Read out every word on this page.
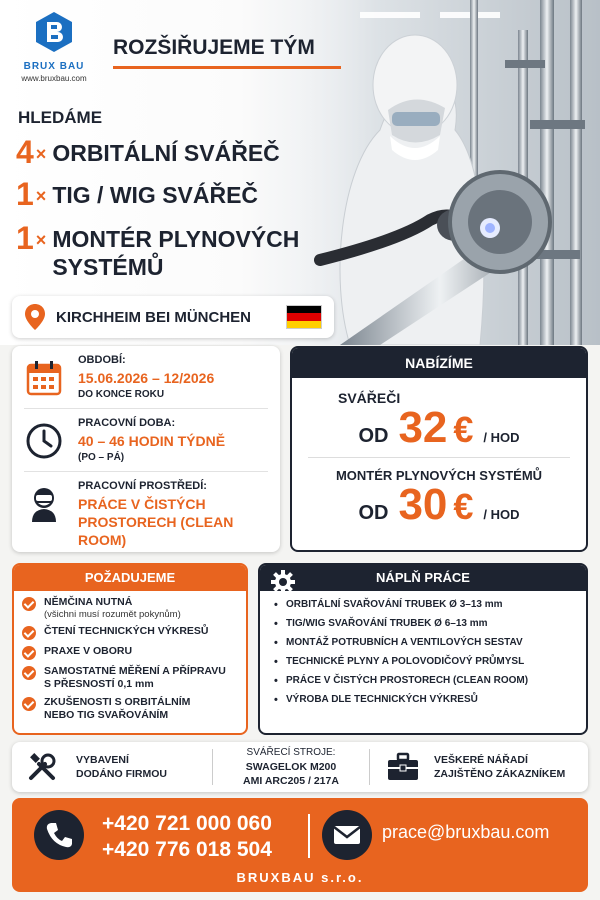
BRUX BAU
www.bruxbau.com
ROZŠIŘUJEME TÝM
HLEDÁME
4 × ORBITÁLNÍ SVÁŘEČ
1 × TIG / WIG SVÁŘEČ
1 × MONTÉR PLYNOVÝCH
SYSTÉMŮ
KIRCHHEIM BEI MÜNCHEN
OBDOBÍ:
15.06.2026 – 12/2026
DO KONCE ROKU
PRACOVNÍ DOBA:
40 – 46 HODIN TÝDNĚ
(PO – PÁ)
PRACOVNÍ PROSTŘEDÍ:
PRÁCE V ČISTÝCH
PROSTORECH (CLEAN ROOM)
NABÍZÍME
SVÁŘEČI
OD 32 € / HOD
MONTÉR PLYNOVÝCH SYSTÉMŮ
OD 30 € / HOD
POŽADUJEME
NĚMČINA NUTNÁ
(všichni musí rozumět pokynům)
ČTENÍ TECHNICKÝCH VÝKRESŮ
PRAXE V OBORU
SAMOSTATNÉ MĚŘENÍ A PŘÍPRAVU
S PŘESNOSTÍ 0,1 mm
ZKUŠENOSTI S ORBITÁLNÍM
NEBO TIG SVAŘOVÁNÍM
NÁPLŇ PRÁCE
• ORBITÁLNÍ SVAŘOVÁNÍ TRUBEK Ø 3–13 mm
• TIG/WIG SVAŘOVÁNÍ TRUBEK Ø 6–13 mm
• MONTÁŽ POTRUBNÍCH A VENTILOVÝCH SESTAV
• TECHNICKÉ PLYNY A POLOVODIČOVÝ PRŮMYSL
• PRÁCE V ČISTÝCH PROSTORECH (CLEAN ROOM)
• VÝROBA DLE TECHNICKÝCH VÝKRESŮ
VYBAVENÍ
DODÁNO FIRMOU
SVÁŘECÍ STROJE:
SWAGELOK M200
AMI ARC205 / 217A
VEŠKERÉ NÁŘADÍ
ZAJIŠTĚNO ZÁKAZNÍKEM
+420 721 000 060
+420 776 018 504
prace@bruxbau.com
BRUXBAU s.r.o.
